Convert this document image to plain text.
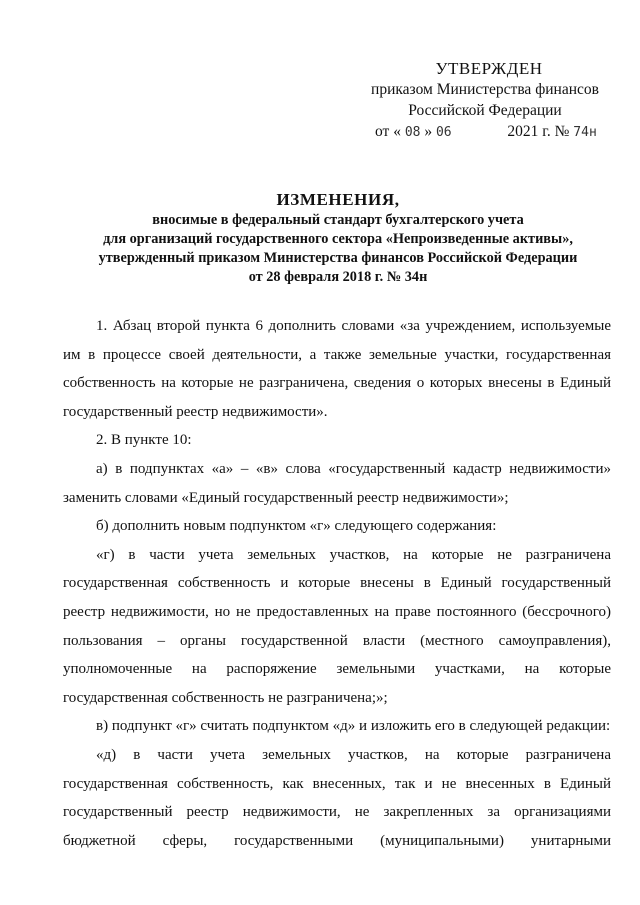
УТВЕРЖДЕН
приказом Министерства финансов
Российской Федерации
от « 08 » 06	2021 г. № 74н
ИЗМЕНЕНИЯ,
вносимые в федеральный стандарт бухгалтерского учета
для организаций государственного сектора «Непроизведенные активы»,
утвержденный приказом Министерства финансов Российской Федерации
от 28 февраля 2018 г. № 34н

1. Абзац второй пункта 6 дополнить словами «за учреждением, используемые им в процессе своей деятельности, а также земельные участки, государственная собственность на которые не разграничена, сведения о которых внесены в Единый государственный реестр недвижимости».

2. В пункте 10:

а) в подпунктах «а» – «в» слова «государственный кадастр недвижимости» заменить словами «Единый государственный реестр недвижимости»;

б) дополнить новым подпунктом «г» следующего содержания:

«г) в части учета земельных участков, на которые не разграничена государственная собственность и которые внесены в Единый государственный реестр недвижимости, но не предоставленных на праве постоянного (бессрочного) пользования – органы государственной власти (местного самоуправления), уполномоченные на распоряжение земельными участками, на которые государственная собственность не разграничена;»;

в) подпункт «г» считать подпунктом «д» и изложить его в следующей редакции:

«д) в части учета земельных участков, на которые разграничена государственная собственность, как внесенных, так и не внесенных в Единый государственный реестр недвижимости, не закрепленных за организациями бюджетной сферы, государственными (муниципальными) унитарными
